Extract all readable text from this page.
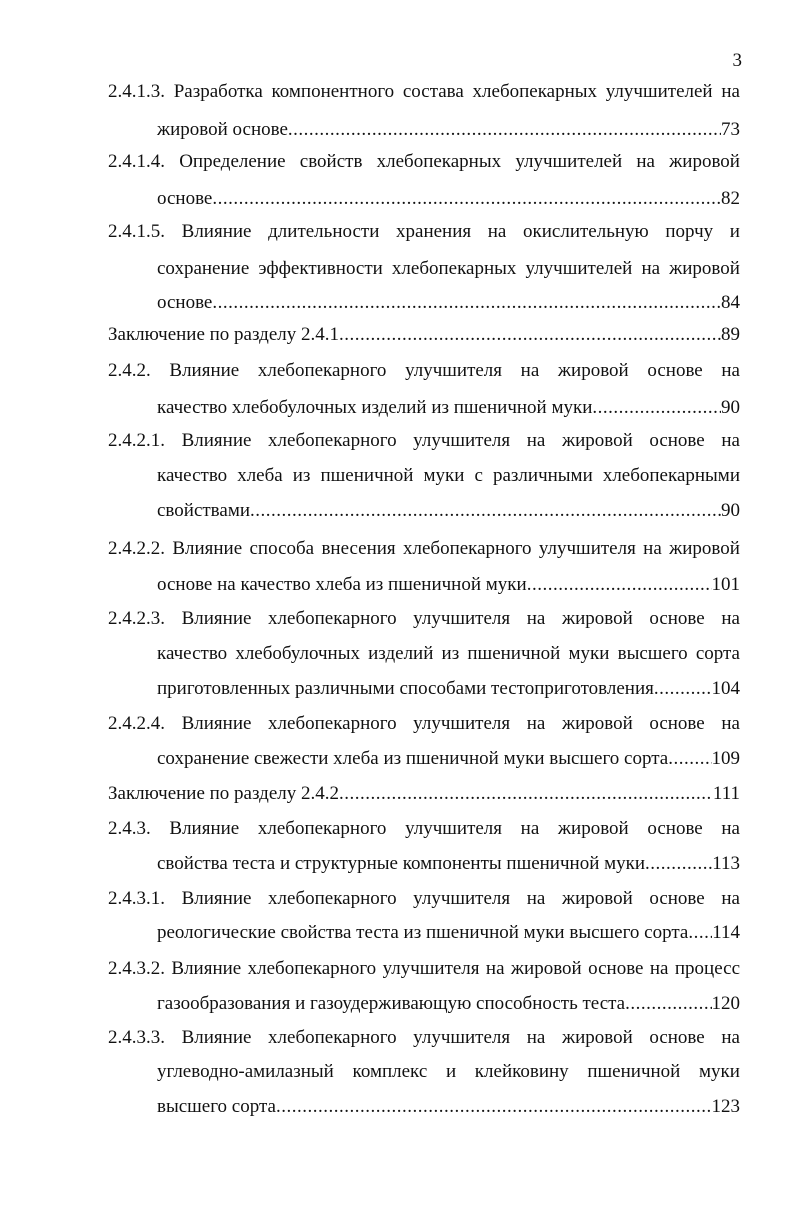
3
2.4.1.3. Разработка компонентного состава хлебопекарных улучшителей на
жировой основе .....	73
2.4.1.4. Определение свойств хлебопекарных улучшителей на жировой
основе .....	82
2.4.1.5. Влияние длительности хранения на окислительную порчу и
сохранение эффективности хлебопекарных улучшителей на жировой
основе .....	84
Заключение по разделу 2.4.1 .....	89
2.4.2. Влияние хлебопекарного улучшителя на жировой основе на
качество хлебобулочных изделий из пшеничной муки .....	90
2.4.2.1. Влияние хлебопекарного улучшителя на жировой основе на
качество хлеба из пшеничной муки с различными хлебопекарными
свойствами .....	90
2.4.2.2. Влияние способа внесения хлебопекарного улучшителя на жировой
основе на качество хлеба из пшеничной муки .....	101
2.4.2.3. Влияние хлебопекарного улучшителя на жировой основе на
качество хлебобулочных изделий из пшеничной муки высшего сорта
приготовленных различными способами тестоприготовления .....	104
2.4.2.4. Влияние хлебопекарного улучшителя на жировой основе на
сохранение свежести хлеба из пшеничной муки высшего сорта ..... 109
Заключение по разделу 2.4.2 .....	111
2.4.3. Влияние хлебопекарного улучшителя на жировой основе на
свойства теста и структурные компоненты пшеничной муки .....	113
2.4.3.1. Влияние хлебопекарного улучшителя на жировой основе на
реологические свойства теста из пшеничной муки высшего сорта ..... 114
2.4.3.2. Влияние хлебопекарного улучшителя на жировой основе на процесс
газообразования и газоудерживающую способность теста .....	120
2.4.3.3. Влияние хлебопекарного улучшителя на жировой основе на
углеводно-амилазный комплекс и клейковину пшеничной муки
высшего сорта .....	123
